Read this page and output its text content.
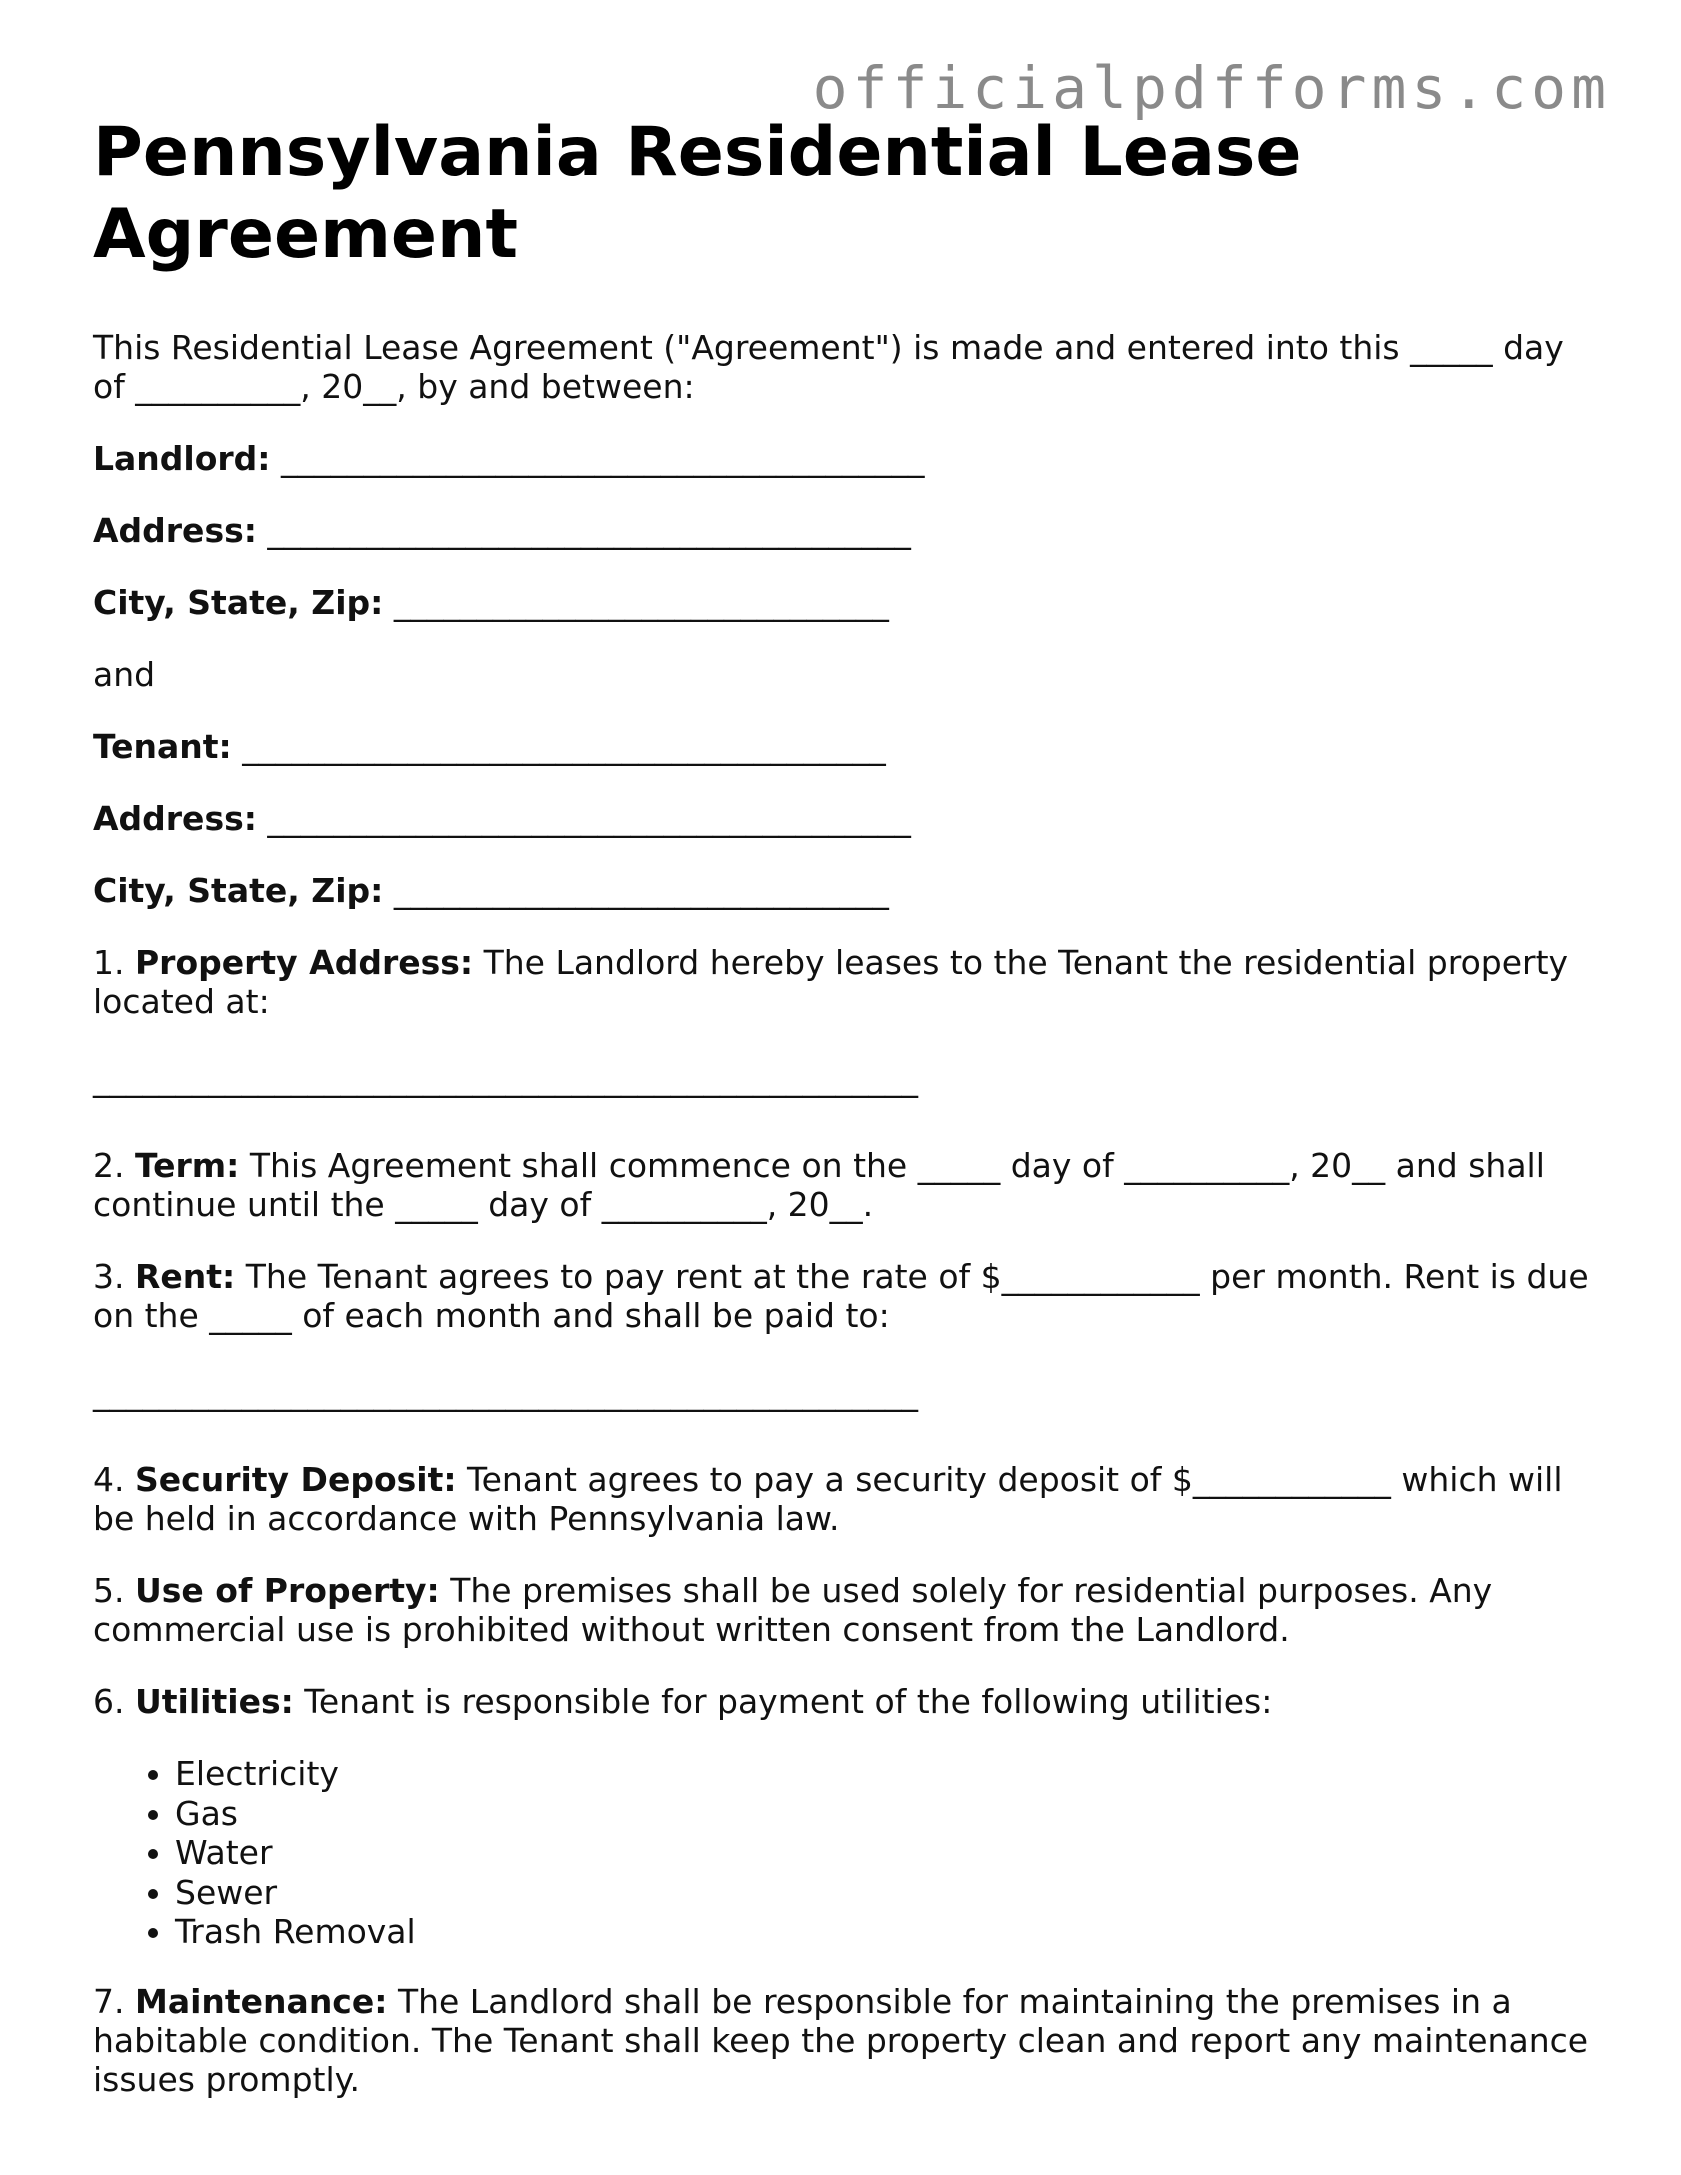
officialpdfforms.com
Pennsylvania Residential Lease Agreement

This Residential Lease Agreement ("Agreement") is made and entered into this _____ day of __________, 20__, by and between:

Landlord: _______________________________________

Address: _______________________________________

City, State, Zip: ______________________________

and

Tenant: _______________________________________

Address: _______________________________________

City, State, Zip: ______________________________

1. Property Address: The Landlord hereby leases to the Tenant the residential property located at:

__________________________________________________

2. Term: This Agreement shall commence on the _____ day of __________, 20__ and shall continue until the _____ day of __________, 20__.

3. Rent: The Tenant agrees to pay rent at the rate of $____________ per month. Rent is due on the _____ of each month and shall be paid to:

__________________________________________________

4. Security Deposit: Tenant agrees to pay a security deposit of $____________ which will be held in accordance with Pennsylvania law.

5. Use of Property: The premises shall be used solely for residential purposes. Any commercial use is prohibited without written consent from the Landlord.

6. Utilities: Tenant is responsible for payment of the following utilities:

• Electricity
• Gas
• Water
• Sewer
• Trash Removal

7. Maintenance: The Landlord shall be responsible for maintaining the premises in a habitable condition. The Tenant shall keep the property clean and report any maintenance issues promptly.
